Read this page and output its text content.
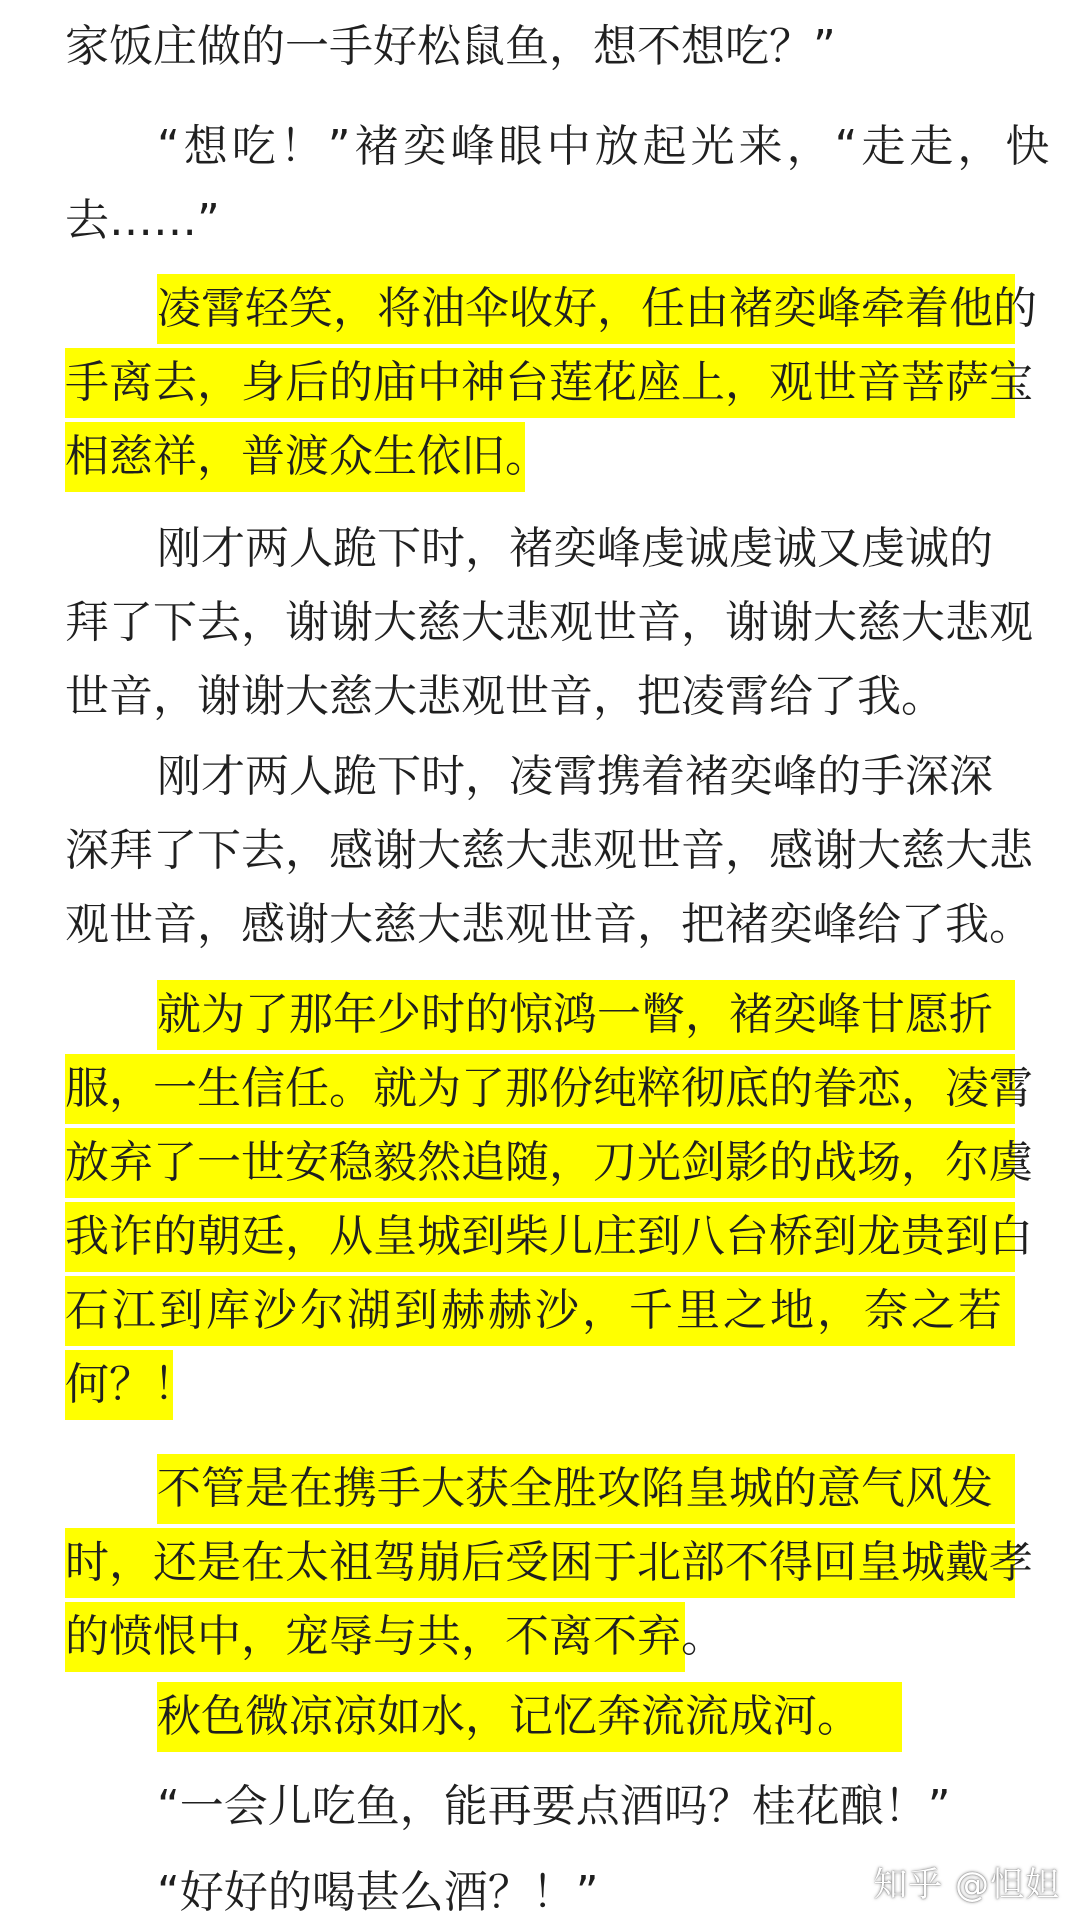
家饭庄做的一手好松鼠鱼，想不想吃？”
“想吃！”褚奕峰眼中放起光来，“走走，快
去……”
凌霄轻笑，将油伞收好，任由褚奕峰牵着他的
手离去，身后的庙中神台莲花座上，观世音菩萨宝
相慈祥，普渡众生依旧。
刚才两人跪下时，褚奕峰虔诚虔诚又虔诚的
拜了下去，谢谢大慈大悲观世音，谢谢大慈大悲观
世音，谢谢大慈大悲观世音，把凌霄给了我。
刚才两人跪下时，凌霄携着褚奕峰的手深深
深拜了下去，感谢大慈大悲观世音，感谢大慈大悲
观世音，感谢大慈大悲观世音，把褚奕峰给了我。
就为了那年少时的惊鸿一瞥，褚奕峰甘愿折
服，一生信任。就为了那份纯粹彻底的眷恋，凌霄
放弃了一世安稳毅然追随，刀光剑影的战场，尔虞
我诈的朝廷，从皇城到柴儿庄到八台桥到龙贵到白
石江到库沙尔湖到赫赫沙，千里之地，奈之若
何？！
不管是在携手大获全胜攻陷皇城的意气风发
时，还是在太祖驾崩后受困于北部不得回皇城戴孝
的愤恨中，宠辱与共，不离不弃。
秋色微凉凉如水，记忆奔流流成河。
“一会儿吃鱼，能再要点酒吗？桂花酿！”
“好好的喝甚么酒？！”	知乎 @怛妲
